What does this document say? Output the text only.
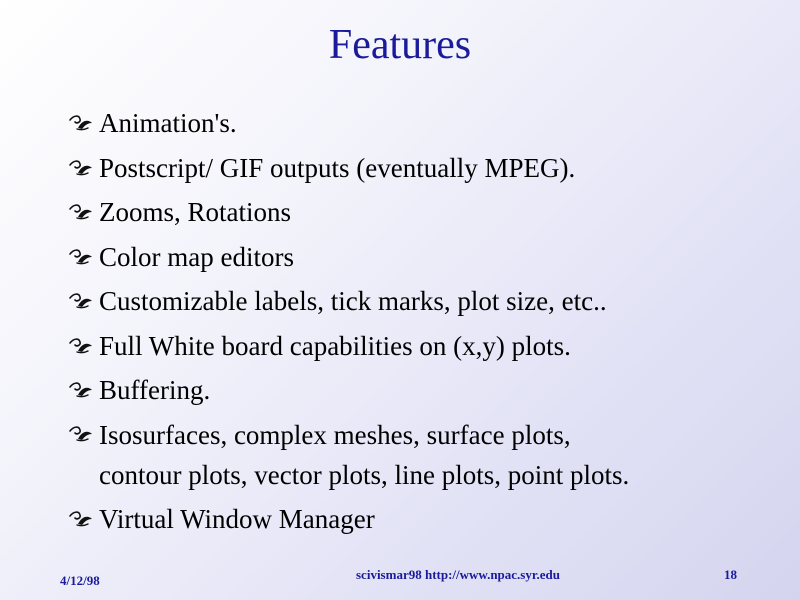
Features
Animation's.
Postscript/ GIF outputs (eventually MPEG).
Zooms, Rotations
Color map editors
Customizable labels, tick marks, plot size, etc..
Full White board capabilities on (x,y) plots.
Buffering.
Isosurfaces, complex meshes, surface plots,
contour plots, vector plots, line plots, point plots.
Virtual Window Manager
4/12/98	scivismar98 http://www.npac.syr.edu	18
